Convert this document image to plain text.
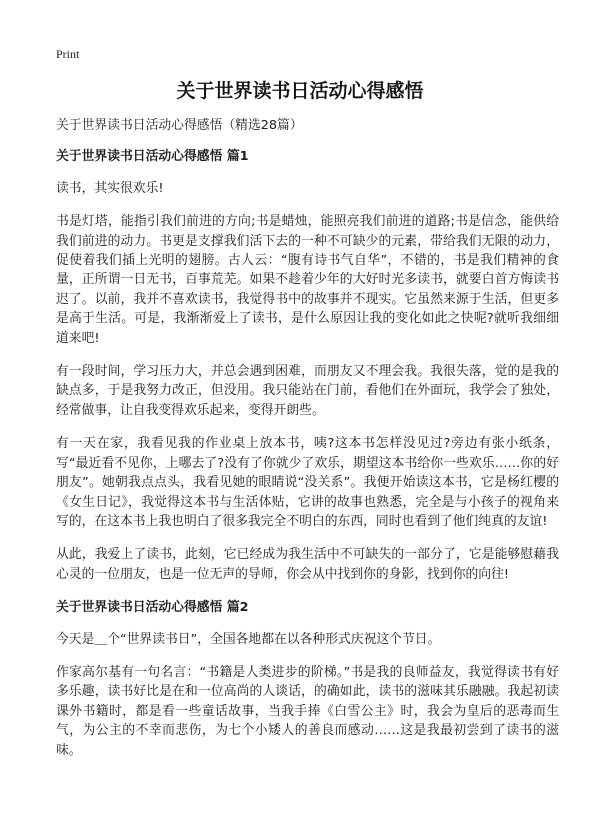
Print
关于世界读书日活动心得感悟

关于世界读书日活动心得感悟（精选28篇）

关于世界读书日活动心得感悟 篇1

读书，其实很欢乐!

书是灯塔，能指引我们前进的方向;书是蜡烛，能照亮我们前进的道路;书是信念，能供给我们前进的动力。书更是支撑我们活下去的一种不可缺少的元素，带给我们无限的动力，促使着我们插上光明的翅膀。古人云：“腹有诗书气自华”，不错的，书是我们精神的食量，正所谓一日无书，百事荒芜。如果不趁着少年的大好时光多读书，就要白首方悔读书迟了。以前，我并不喜欢读书，我觉得书中的故事并不现实。它虽然来源于生活，但更多是高于生活。可是，我渐渐爱上了读书，是什么原因让我的变化如此之快呢?就听我细细道来吧!

有一段时间，学习压力大，并总会遇到困难，而朋友又不理会我。我很失落，觉的是我的缺点多，于是我努力改正，但没用。我只能站在门前，看他们在外面玩，我学会了独处，经常做事，让自我变得欢乐起来，变得开朗些。

有一天在家，我看见我的作业桌上放本书，咦?这本书怎样没见过?旁边有张小纸条，写“最近看不见你，上哪去了?没有了你就少了欢乐，期望这本书给你一些欢乐……你的好朋友”。她朝我点点头，我看见她的眼睛说“没关系”。我便开始读这本书，它是杨红樱的《女生日记》，我觉得这本书与生活体贴，它讲的故事也熟悉，完全是与小孩子的视角来写的，在这本书上我也明白了很多我完全不明白的东西，同时也看到了他们纯真的友谊!

从此，我爱上了读书，此刻，它已经成为我生活中不可缺失的一部分了，它是能够慰藉我心灵的一位朋友，也是一位无声的导师，你会从中找到你的身影，找到你的向往!

关于世界读书日活动心得感悟 篇2

今天是＿个“世界读书日”，全国各地都在以各种形式庆祝这个节日。

作家高尔基有一句名言：“书籍是人类进步的阶梯。”书是我的良师益友，我觉得读书有好多乐趣，读书好比是在和一位高尚的人谈话，的确如此，读书的滋味其乐融融。我起初读课外书籍时，都是看一些童话故事，当我手捧《白雪公主》时，我会为皇后的恶毒而生气，为公主的不幸而悲伤，为七个小矮人的善良而感动……这是我最初尝到了读书的滋味。
